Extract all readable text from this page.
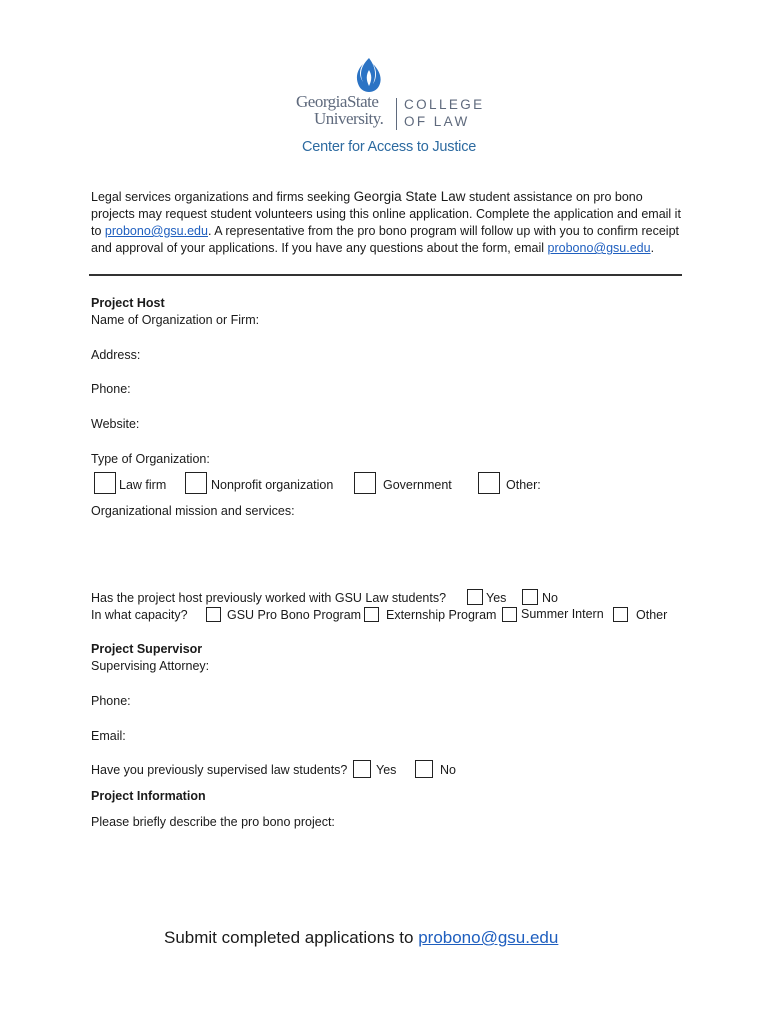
GeorgiaState
University.
COLLEGE
OF LAW
Center for Access to Justice
Legal services organizations and firms seeking Georgia State Law student assistance on pro bono projects may request student volunteers using this online application. Complete the application and email it to probono@gsu.edu. A representative from the pro bono program will follow up with you to confirm receipt and approval of your applications. If you have any questions about the form, email probono@gsu.edu.
Project Host
Name of Organization or Firm:
Address:
Phone:
Website:
Type of Organization:
Law firm	Nonprofit organization	Government	Other:
Organizational mission and services:
Has the project host previously worked with GSU Law students?	Yes	No
In what capacity?	GSU Pro Bono Program Externship Program Summer Intern	Other
Project Supervisor
Supervising Attorney:
Phone:
Email:
Have you previously supervised law students? Yes	No
Project Information
Please briefly describe the pro bono project:
Submit completed applications to probono@gsu.edu
